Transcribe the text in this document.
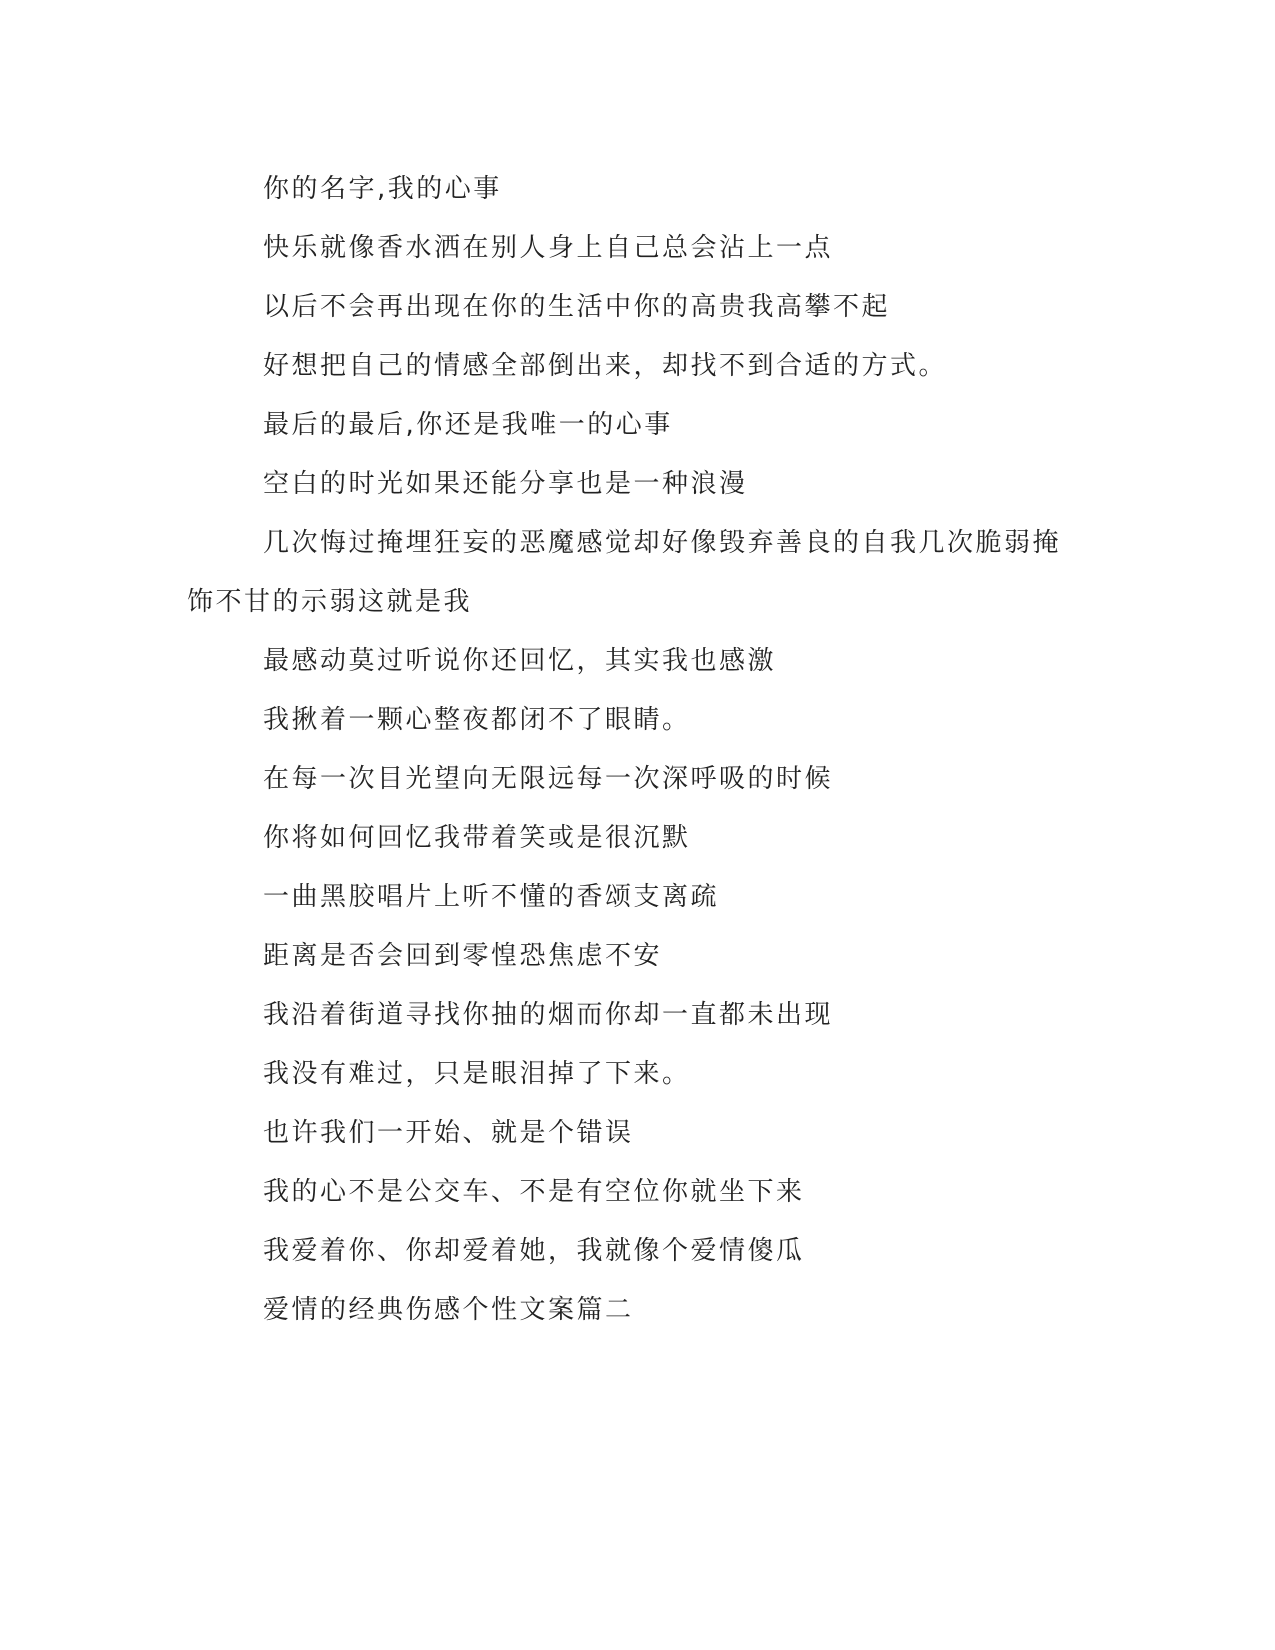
你的名字,我的心事

快乐就像香水洒在别人身上自己总会沾上一点

以后不会再出现在你的生活中你的高贵我高攀不起

好想把自己的情感全部倒出来，却找不到合适的方式。

最后的最后,你还是我唯一的心事

空白的时光如果还能分享也是一种浪漫

几次悔过掩埋狂妄的恶魔感觉却好像毁弃善良的自我几次脆弱掩饰不甘的示弱这就是我

最感动莫过听说你还回忆，其实我也感激

我揪着一颗心整夜都闭不了眼睛。

在每一次目光望向无限远每一次深呼吸的时候

你将如何回忆我带着笑或是很沉默

一曲黑胶唱片上听不懂的香颂支离疏

距离是否会回到零惶恐焦虑不安

我沿着街道寻找你抽的烟而你却一直都未出现

我没有难过，只是眼泪掉了下来。

也许我们一开始、就是个错误

我的心不是公交车、不是有空位你就坐下来

我爱着你、你却爱着她，我就像个爱情傻瓜

爱情的经典伤感个性文案篇二
